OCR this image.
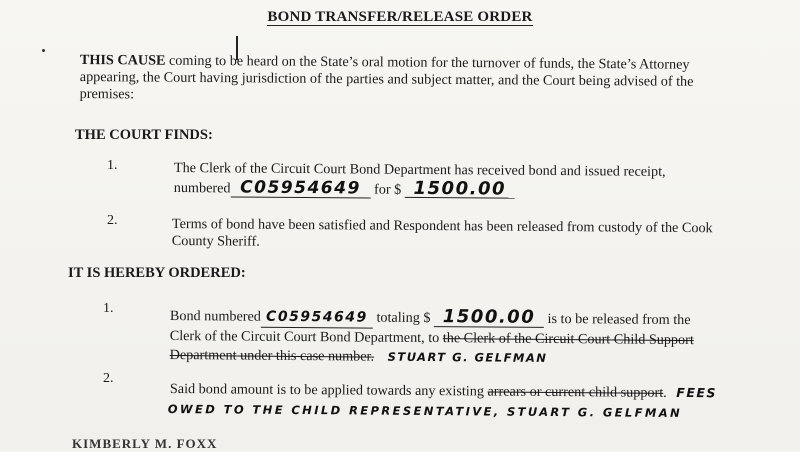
BOND TRANSFER/RELEASE ORDER
THIS CAUSE coming to be heard on the State’s oral motion for the turnover of funds, the State’s Attorney appearing, the Court having jurisdiction of the parties and subject matter, and the Court being advised of the premises:
THE COURT FINDS:
1.	The Clerk of the Circuit Court Bond Department has received bond and issued receipt,
numbered C05954649 for $ 1500.00
2.	Terms of bond have been satisfied and Respondent has been released from custody of the Cook County Sheriff.
IT IS HEREBY ORDERED:
1.	Bond numbered C05954649 totaling $ 1500.00 is to be released from the
Clerk of the Circuit Court Bond Department, to the Clerk of the Circuit Court Child Support
Department under this case number. STUART G. GELFMAN
2.
Said bond amount is to be applied towards any existing arrears or current child support. FEES
OWED TO THE CHILD REPRESENTATIVE, STUART G. GELFMAN
KIMBERLY M. FOXX
